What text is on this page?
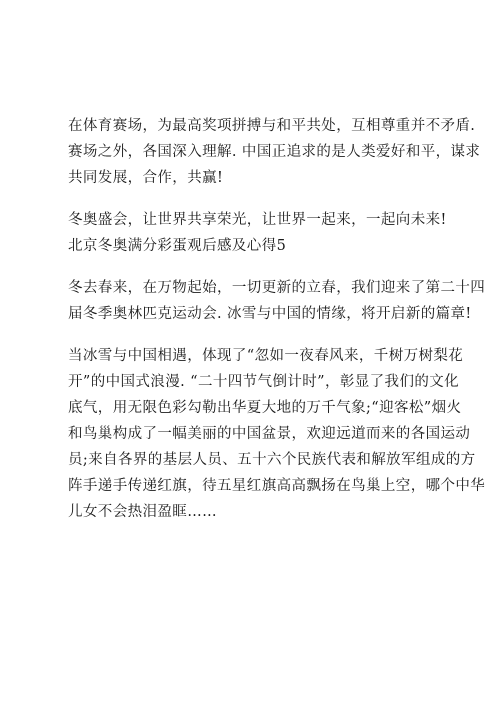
在体育赛场，为最高奖项拼搏与和平共处，互相尊重并不矛盾.
赛场之外，各国深入理解. 中国正追求的是人类爱好和平，谋求
共同发展，合作，共赢!

冬奥盛会，让世界共享荣光，让世界一起来，一起向未来!

北京冬奥满分彩蛋观后感及心得5

冬去春来，在万物起始，一切更新的立春，我们迎来了第二十四
届冬季奥林匹克运动会. 冰雪与中国的情缘，将开启新的篇章!

当冰雪与中国相遇，体现了“忽如一夜春风来，千树万树梨花
开”的中国式浪漫. “二十四节气倒计时”，彰显了我们的文化
底气，用无限色彩勾勒出华夏大地的万千气象;“迎客松”烟火
和鸟巢构成了一幅美丽的中国盆景，欢迎远道而来的各国运动
员;来自各界的基层人员、五十六个民族代表和解放军组成的方
阵手递手传递红旗，待五星红旗高高飘扬在鸟巢上空，哪个中华
儿女不会热泪盈眶……
